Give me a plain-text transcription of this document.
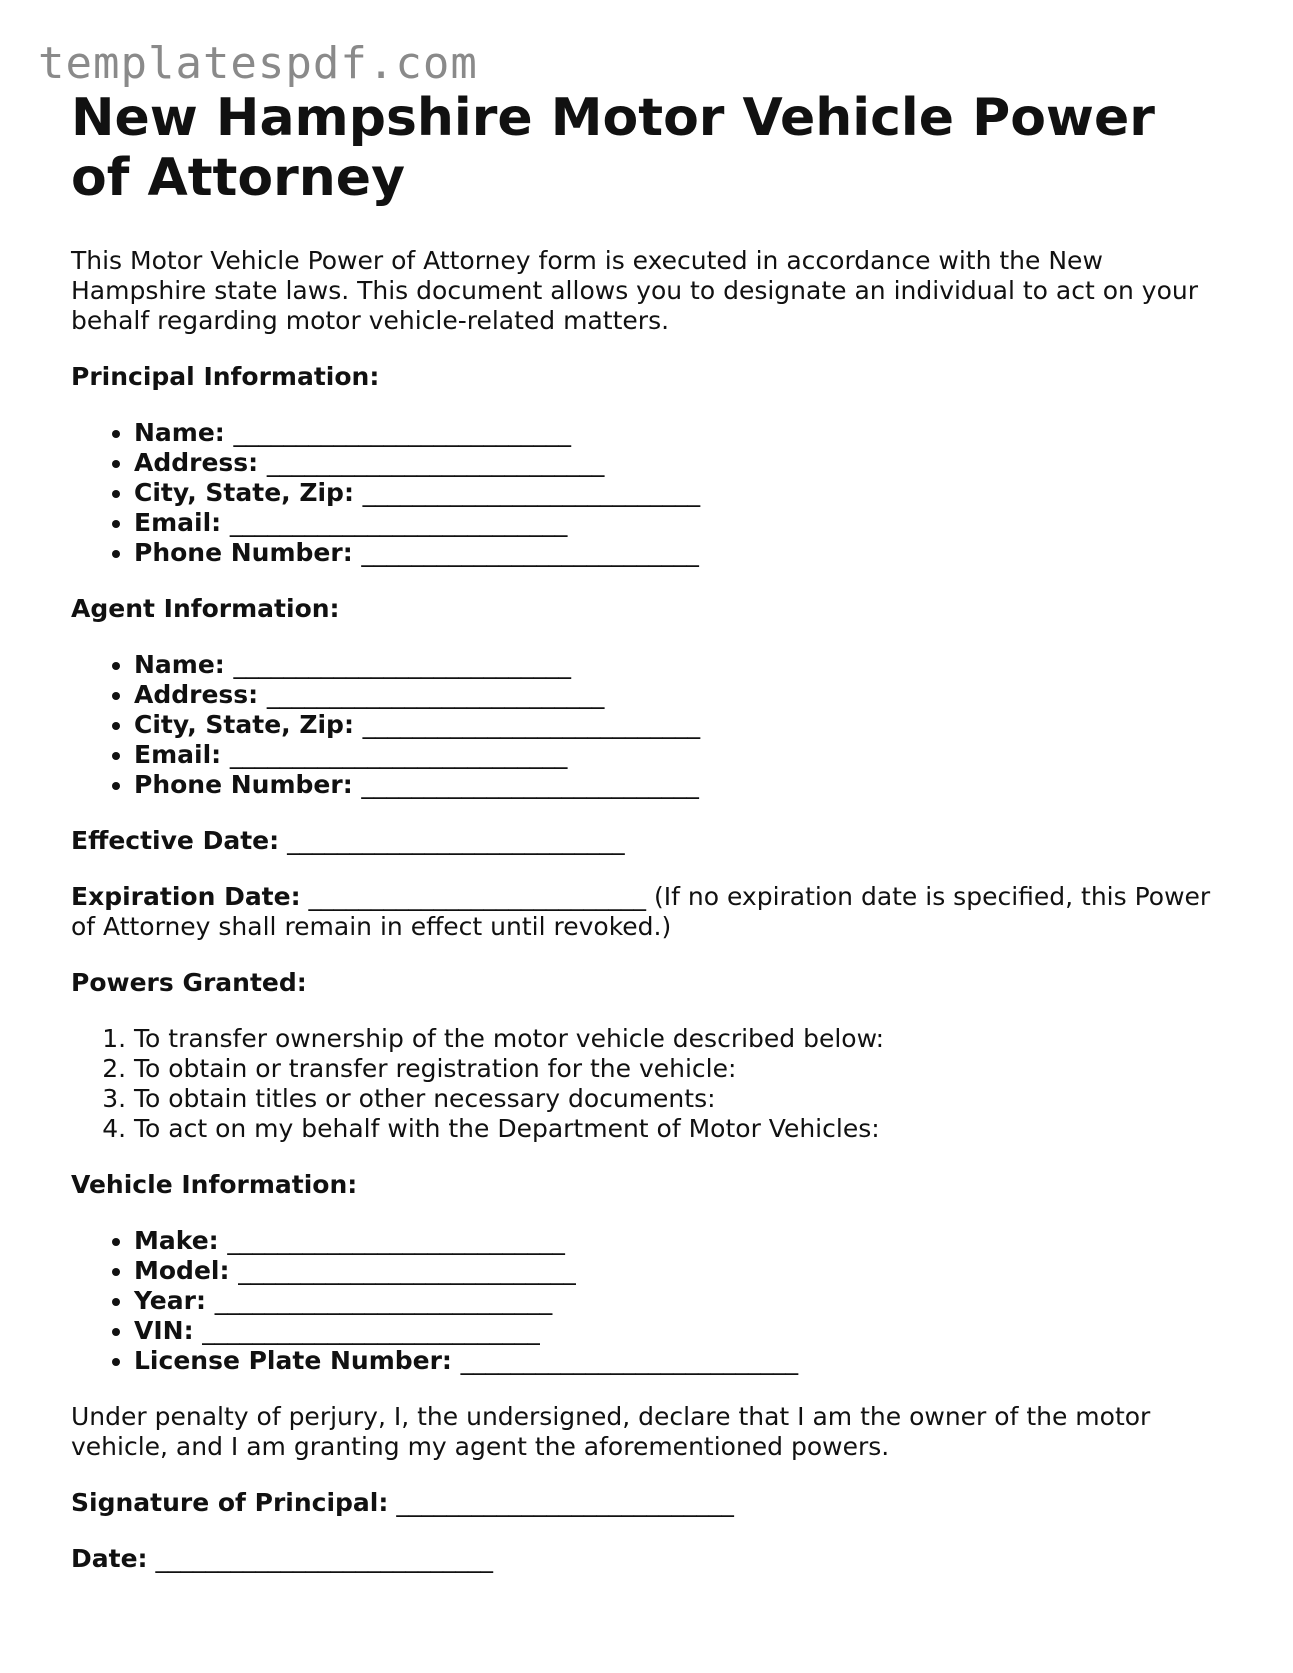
templatespdf.com
New Hampshire Motor Vehicle Power of Attorney

This Motor Vehicle Power of Attorney form is executed in accordance with the New Hampshire state laws. This document allows you to designate an individual to act on your behalf regarding motor vehicle-related matters.

Principal Information:

• Name: ___________________________
• Address: ___________________________
• City, State, Zip: ___________________________
• Email: ___________________________
• Phone Number: ___________________________

Agent Information:

• Name: ___________________________
• Address: ___________________________
• City, State, Zip: ___________________________
• Email: ___________________________
• Phone Number: ___________________________

Effective Date: ___________________________

Expiration Date: ___________________________ (If no expiration date is specified, this Power of Attorney shall remain in effect until revoked.)

Powers Granted:

1. To transfer ownership of the motor vehicle described below:
2. To obtain or transfer registration for the vehicle:
3. To obtain titles or other necessary documents:
4. To act on my behalf with the Department of Motor Vehicles:

Vehicle Information:

• Make: ___________________________
• Model: ___________________________
• Year: ___________________________
• VIN: ___________________________
• License Plate Number: ___________________________

Under penalty of perjury, I, the undersigned, declare that I am the owner of the motor vehicle, and I am granting my agent the aforementioned powers.

Signature of Principal: ___________________________

Date: ___________________________
